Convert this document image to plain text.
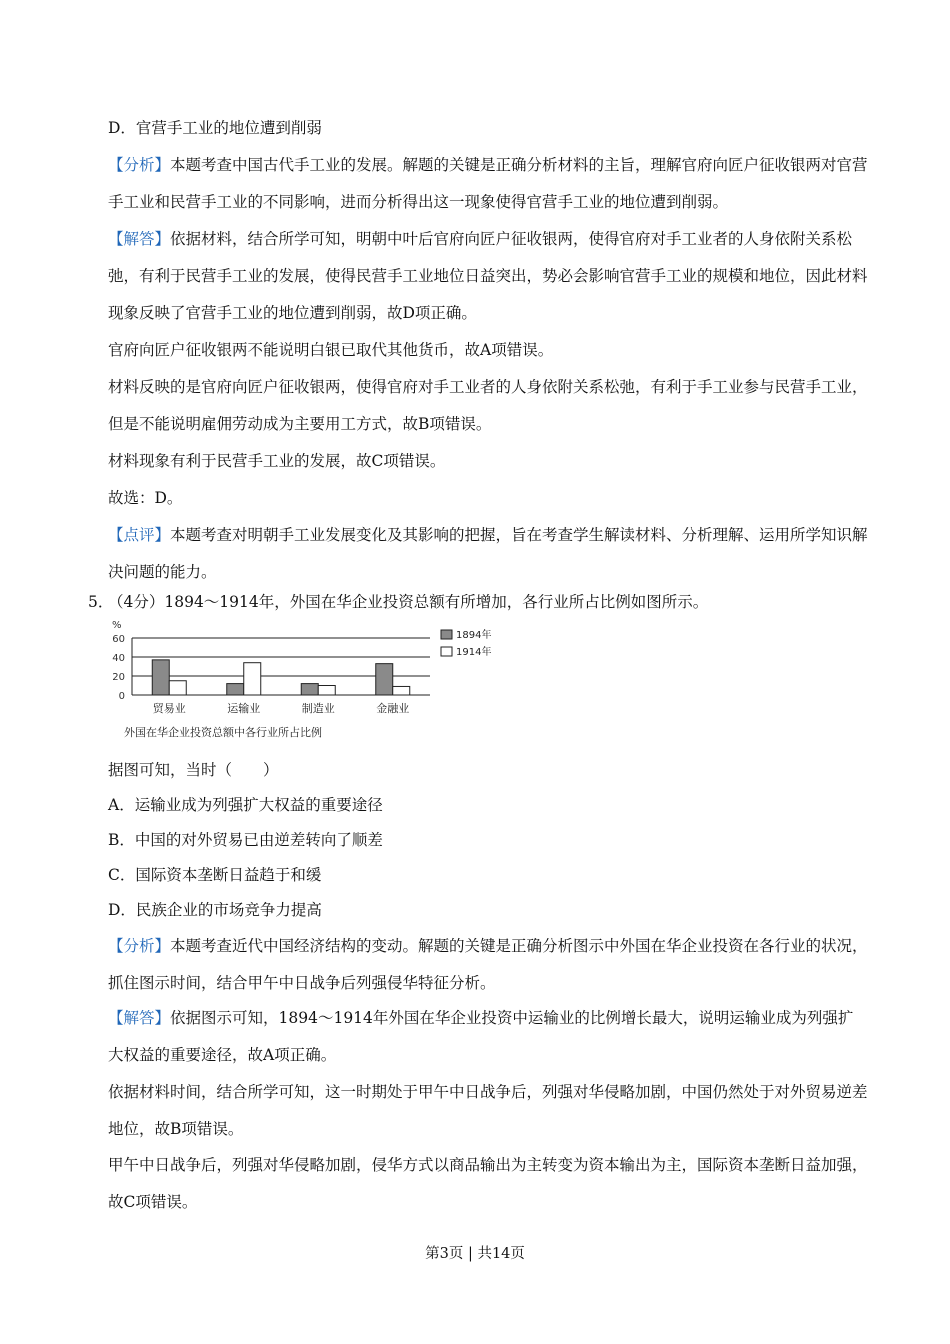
D．官营手工业的地位遭到削弱

【分析】本题考查中国古代手工业的发展。解题的关键是正确分析材料的主旨，理解官府向匠户征收银两对官营手工业和民营手工业的不同影响，进而分析得出这一现象使得官营手工业的地位遭到削弱。

【解答】依据材料，结合所学可知，明朝中叶后官府向匠户征收银两，使得官府对手工业者的人身依附关系松弛，有利于民营手工业的发展，使得民营手工业地位日益突出，势必会影响官营手工业的规模和地位，因此材料现象反映了官营手工业的地位遭到削弱，故D项正确。

官府向匠户征收银两不能说明白银已取代其他货币，故A项错误。

材料反映的是官府向匠户征收银两，使得官府对手工业者的人身依附关系松弛，有利于手工业参与民营手工业，但是不能说明雇佣劳动成为主要用工方式，故B项错误。

材料现象有利于民营手工业的发展，故C项错误。

故选：D。

【点评】本题考查对明朝手工业发展变化及其影响的把握，旨在考查学生解读材料、分析理解、运用所学知识解决问题的能力。

5．

（4分）1894～1914年，外国在华企业投资总额有所增加，各行业所占比例如图所示。

%
60
40
20
0
贸易业	运输业	制造业	金融业
1894年
1914年
外国在华企业投资总额中各行业所占比例

据图可知，当时（　　）

A．运输业成为列强扩大权益的重要途径

B．中国的对外贸易已由逆差转向了顺差

C．国际资本垄断日益趋于和缓

D．民族企业的市场竞争力提高

【分析】本题考查近代中国经济结构的变动。解题的关键是正确分析图示中外国在华企业投资在各行业的状况，抓住图示时间，结合甲午中日战争后列强侵华特征分析。

【解答】依据图示可知，1894～1914年外国在华企业投资中运输业的比例增长最大，说明运输业成为列强扩大权益的重要途径，故A项正确。

依据材料时间，结合所学可知，这一时期处于甲午中日战争后，列强对华侵略加剧，中国仍然处于对外贸易逆差地位，故B项错误。

甲午中日战争后，列强对华侵略加剧，侵华方式以商品输出为主转变为资本输出为主，国际资本垄断日益加强，故C项错误。

第3页 | 共14页
